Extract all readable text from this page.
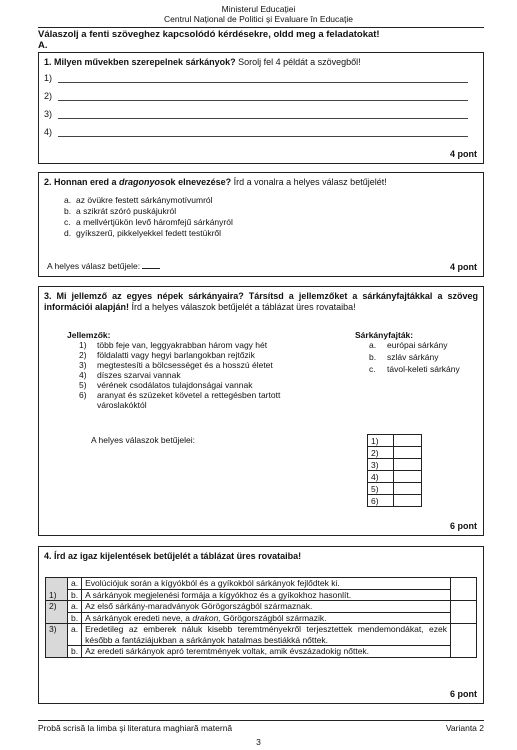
Ministerul Educației
Centrul Național de Politici și Evaluare în Educație
Válaszolj a fenti szöveghez kapcsolódó kérdésekre, oldd meg a feladatokat!
A.
1. Milyen művekben szerepelnek sárkányok? Sorolj fel 4 példát a szövegből!
1)
2)
3)
4)
4 pont
2. Honnan ered a dragonyosok elnevezése? Írd a vonalra a helyes válasz betűjelét!
a. az övükre festett sárkánymotívumról
b. a szikrát szóró puskájukról
c. a mellvértjükön levő háromfejű sárkányról
d. gyíkszerű, pikkelyekkel fedett testükről
A helyes válasz betűjele:	4 pont
3. Mi jellemző az egyes népek sárkányaira? Társítsd a jellemzőket a sárkányfajtákkal a szöveg információi alapján! Írd a helyes válaszok betűjelét a táblázat üres rovataiba!
Jellemzők:
1) több feje van, leggyakrabban három vagy hét
2) földalatti vagy hegyi barlangokban rejtőzik
3) megtestesíti a bölcsességet és a hosszú életet
4) díszes szarvai vannak
5) vérének csodálatos tulajdonságai vannak
6) aranyat és szüzeket követel a rettegésben tartott
városlakóktól
Sárkányfajták:
a. európai sárkány
b. szláv sárkány
c. távol-keleti sárkány
A helyes válaszok betűjelei:	1)	
2)	
3)	
4)	
5)	
6)	
6 pont
4. Írd az igaz kijelentések betűjelét a táblázat üres rovataiba!
1)	a.	Evolúciójuk során a kígyókból és a gyíkokból sárkányok fejlődtek ki.	
	b.	A sárkányok megjelenési formája a kígyókhoz és a gyíkokhoz hasonlít.	
2)	a.	Az első sárkány-maradványok Görögországból származnak.	
	b.	A sárkányok eredeti neve, a drakon, Görögországból származik.	
3)	a.	Eredetileg az emberek náluk kisebb teremtményekről terjesztettek mendemondákat, ezek később a fantáziájukban a sárkányok hatalmas bestiákká nőttek.	
	b.	Az eredeti sárkányok apró teremtmények voltak, amik évszázadokig nőttek.	
6 pont
Probă scrisă la limba şi literatura maghiară maternă	Varianta 2
3
